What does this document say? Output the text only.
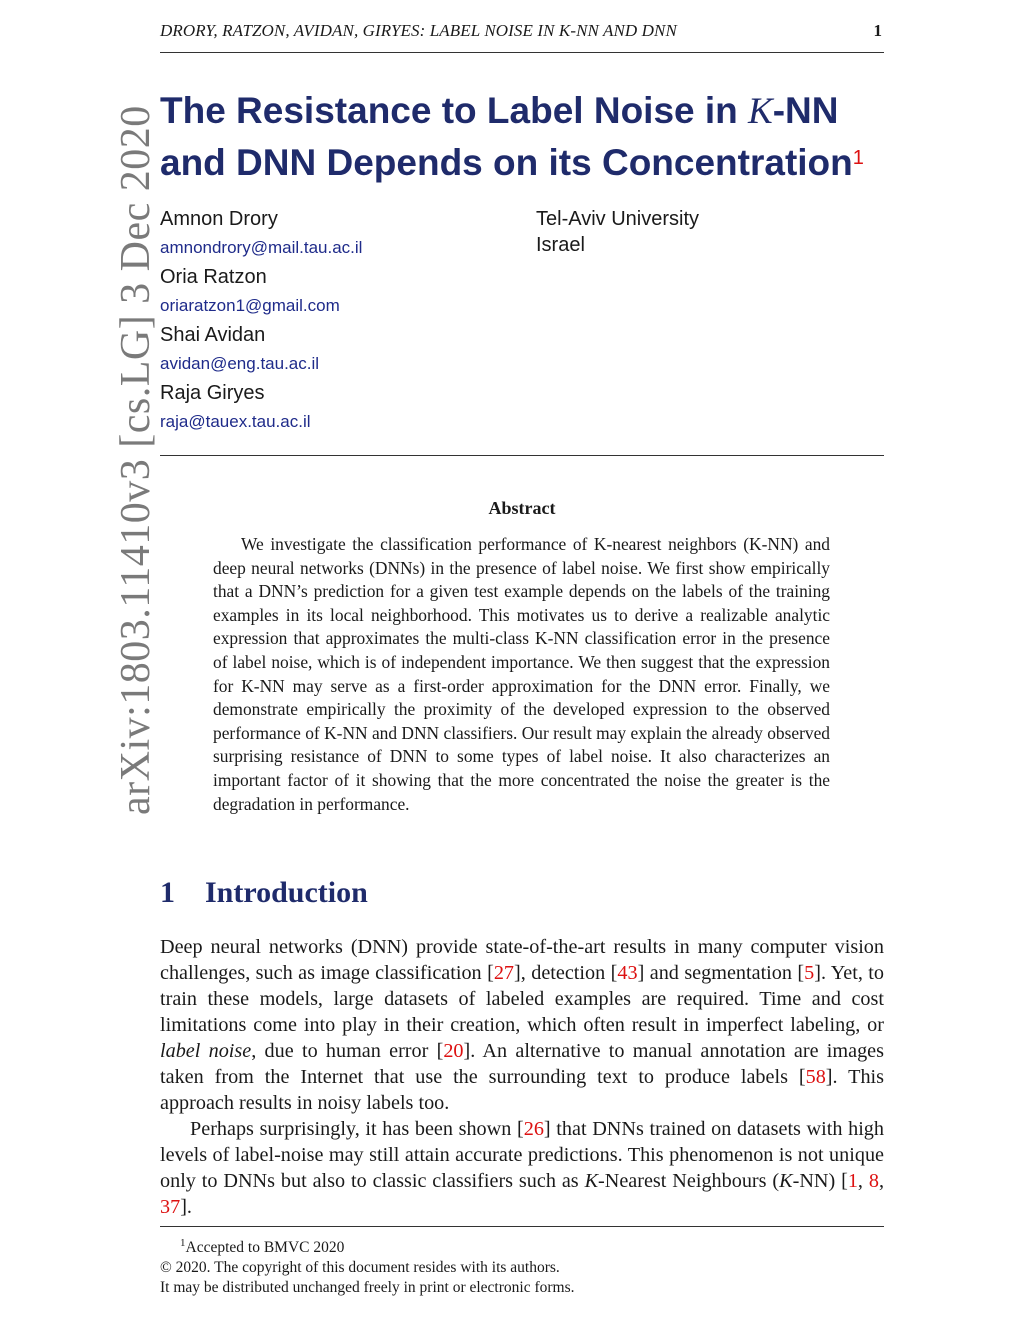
DRORY, RATZON, AVIDAN, GIRYES: LABEL NOISE IN K-NN AND DNN	1
arXiv:1803.11410v3 [cs.LG] 3 Dec 2020 The Resistance to Label Noise in K-NN
and DNN Depends on its Concentration$^1$
Amnon Drory
amnondrory@mail.tau.ac.il
Oria Ratzon
oriaratzon1@gmail.com
Shai Avidan
avidan@eng.tau.ac.il
Raja Giryes
raja@tauex.tau.ac.il
Tel-Aviv University
Israel
Abstract
We investigate the classification performance of K-nearest neighbors (K-NN) and deep neural networks (DNNs) in the presence of label noise. We first show empirically that a DNN’s prediction for a given test example depends on the labels of the training examples in its local neighborhood. This motivates us to derive a realizable analytic expression that approximates the multi-class K-NN classification error in the presence of label noise, which is of independent importance. We then suggest that the expression for K-NN may serve as a first-order approximation for the DNN error. Finally, we demonstrate empirically the proximity of the developed expression to the observed performance of K-NN and DNN classifiers. Our result may explain the already observed surprising resistance of DNN to some types of label noise. It also characterizes an important factor of it showing that the more concentrated the noise the greater is the degradation in performance.
1 Introduction

Deep neural networks (DNN) provide state-of-the-art results in many computer vision challenges, such as image classification [27], detection [43] and segmentation [5]. Yet, to train these models, large datasets of labeled examples are required. Time and cost limitations come into play in their creation, which often result in imperfect labeling, or label noise, due to human error [20]. An alternative to manual annotation are images taken from the Internet that use the surrounding text to produce labels [58]. This approach results in noisy labels too.

Perhaps surprisingly, it has been shown [26] that DNNs trained on datasets with high levels of label-noise may still attain accurate predictions. This phenomenon is not unique only to DNNs but also to classic classifiers such as K-Nearest Neighbours (K-NN) [1, 8, 37].

$^1$Accepted to BMVC 2020
© 2020. The copyright of this document resides with its authors.
It may be distributed unchanged freely in print or electronic forms.
